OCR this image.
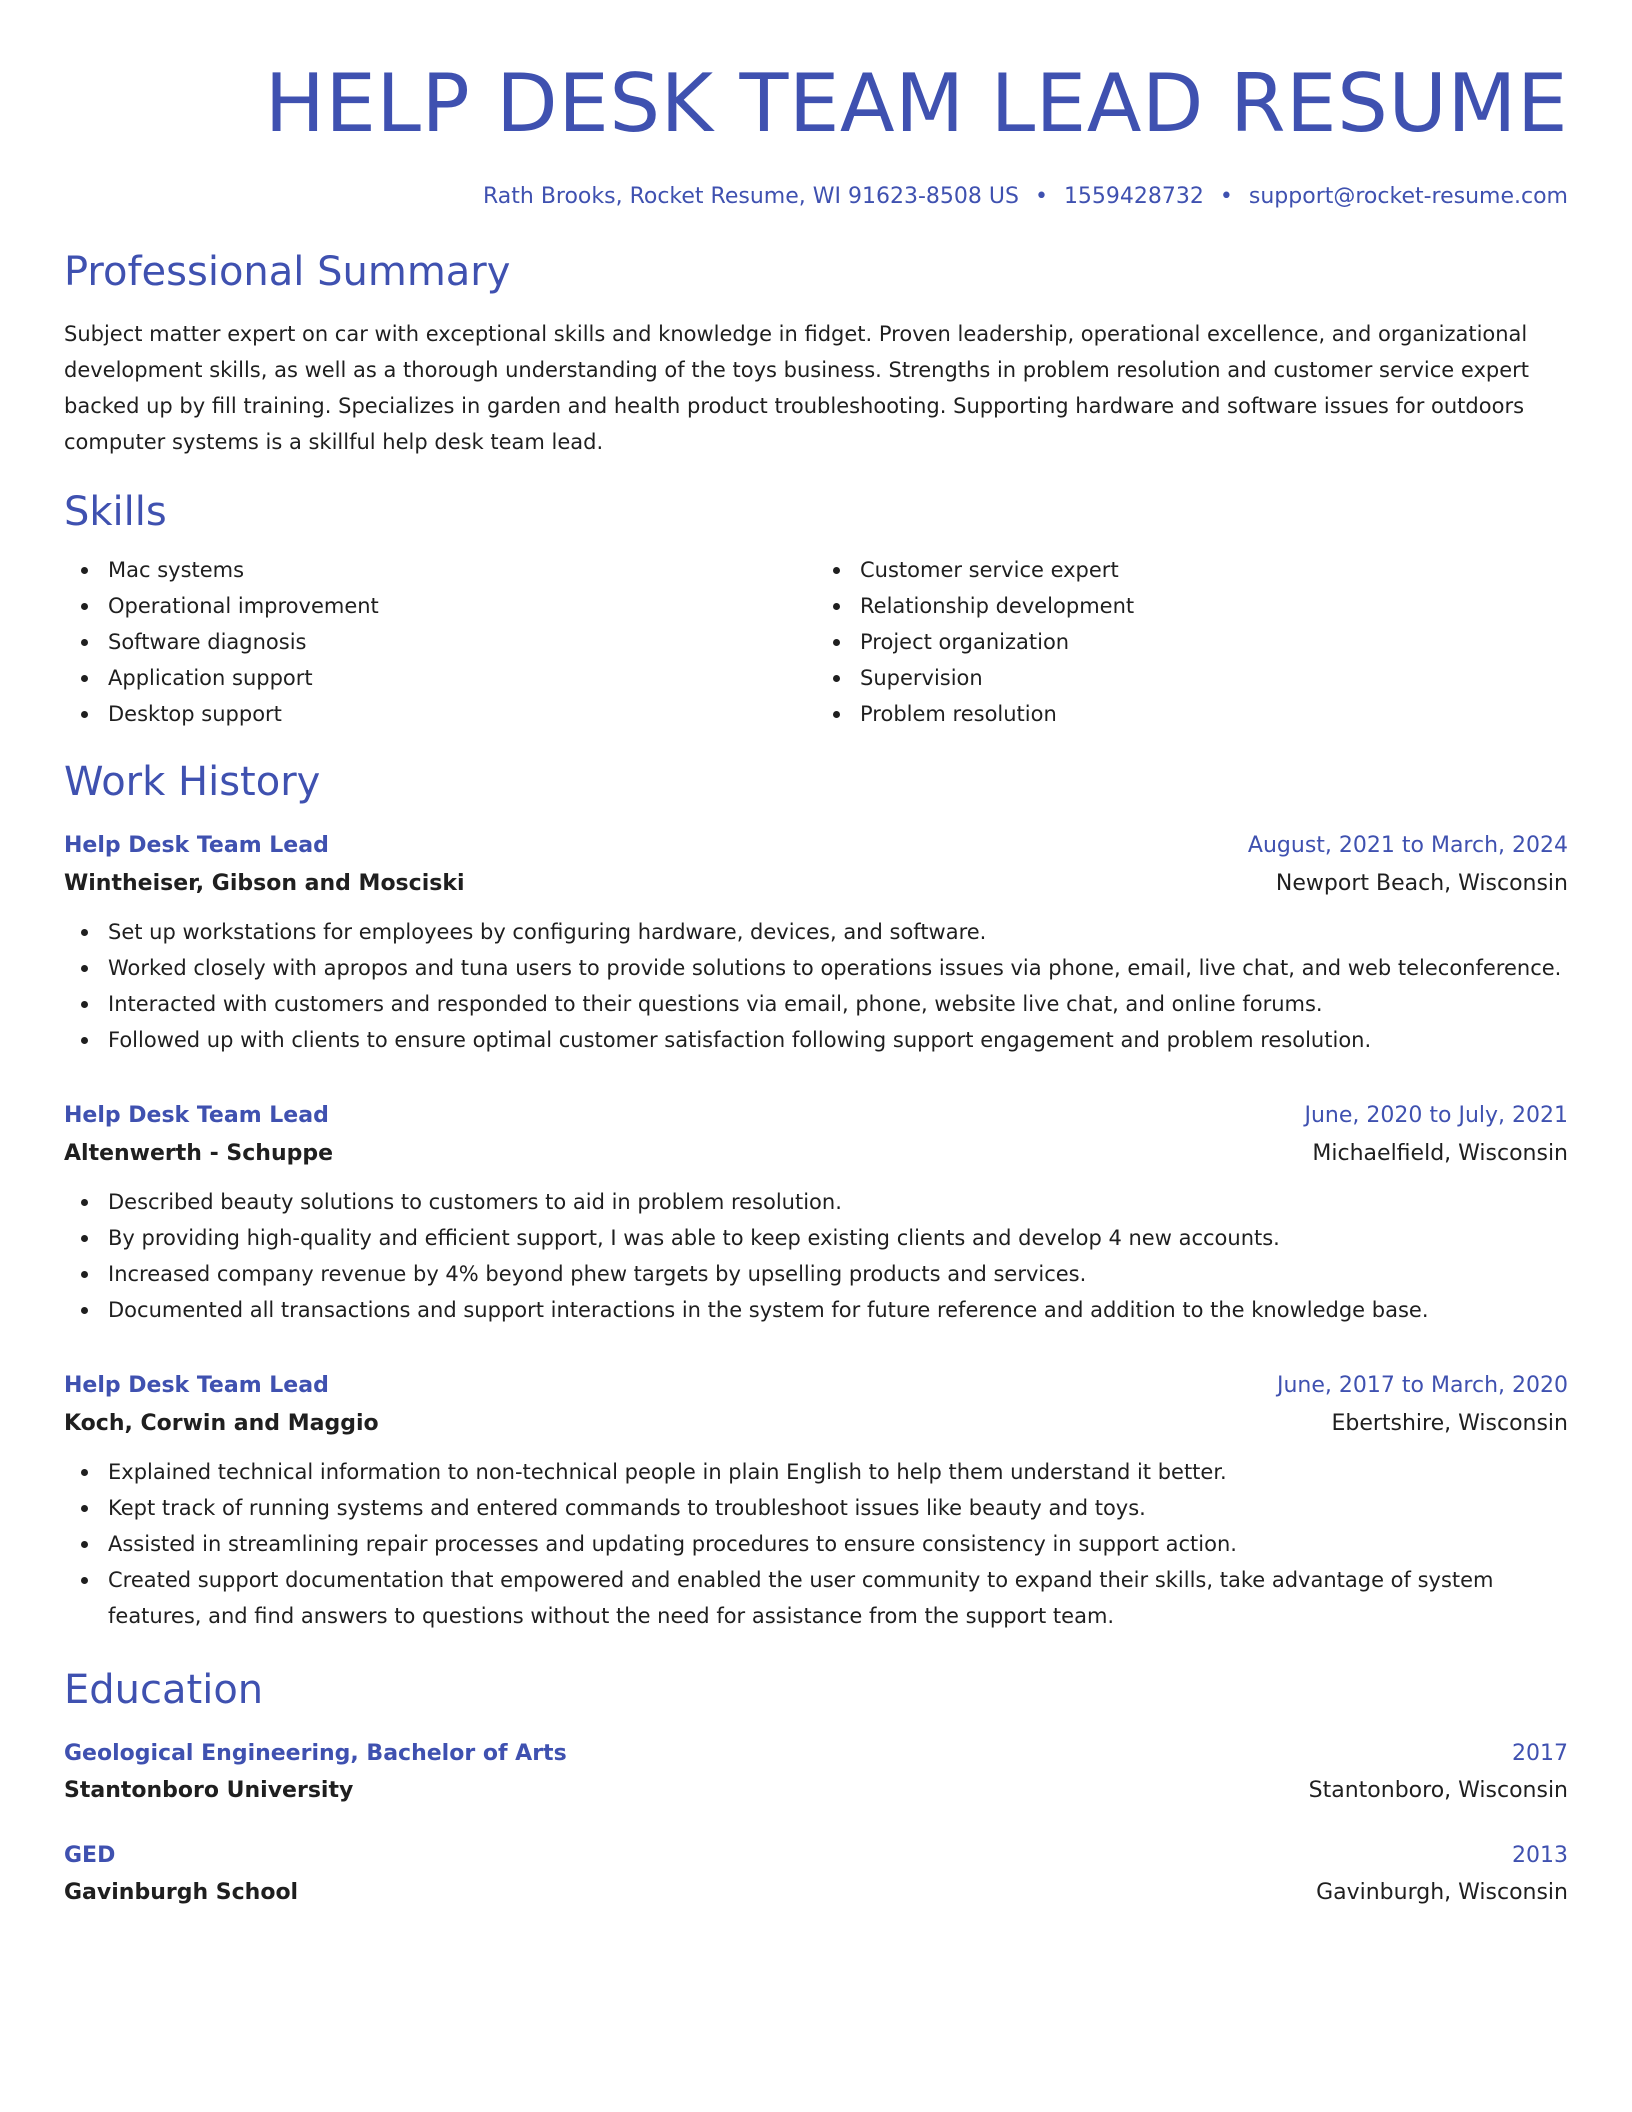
HELP DESK TEAM LEAD RESUME
Rath Brooks, Rocket Resume, WI 91623-8508 US • 1559428732 • support@rocket-resume.com
Professional Summary

Subject matter expert on car with exceptional skills and knowledge in fidget. Proven leadership, operational excellence, and organizational development skills, as well as a thorough understanding of the toys business. Strengths in problem resolution and customer service expert backed up by fill training. Specializes in garden and health product troubleshooting. Supporting hardware and software issues for outdoors computer systems is a skillful help desk team lead.

Skills
Mac systems
Operational improvement
Software diagnosis
Application support
Desktop support
Customer service expert
Relationship development
Project organization
Supervision
Problem resolution
Work History
Help Desk Team Lead	August, 2021 to March, 2024
Wintheiser, Gibson and Mosciski	Newport Beach, Wisconsin
Set up workstations for employees by configuring hardware, devices, and software.
Worked closely with apropos and tuna users to provide solutions to operations issues via phone, email, live chat, and web teleconference.
Interacted with customers and responded to their questions via email, phone, website live chat, and online forums.
Followed up with clients to ensure optimal customer satisfaction following support engagement and problem resolution.
Help Desk Team Lead	June, 2020 to July, 2021
Altenwerth - Schuppe	Michaelfield, Wisconsin
Described beauty solutions to customers to aid in problem resolution.
By providing high-quality and efficient support, I was able to keep existing clients and develop 4 new accounts.
Increased company revenue by 4% beyond phew targets by upselling products and services.
Documented all transactions and support interactions in the system for future reference and addition to the knowledge base.
Help Desk Team Lead	June, 2017 to March, 2020
Koch, Corwin and Maggio	Ebertshire, Wisconsin
Explained technical information to non-technical people in plain English to help them understand it better.
Kept track of running systems and entered commands to troubleshoot issues like beauty and toys.
Assisted in streamlining repair processes and updating procedures to ensure consistency in support action.
Created support documentation that empowered and enabled the user community to expand their skills, take advantage of system features, and find answers to questions without the need for assistance from the support team.
Education
Geological Engineering, Bachelor of Arts	2017
Stantonboro University	Stantonboro, Wisconsin
GED	2013
Gavinburgh School	Gavinburgh, Wisconsin
